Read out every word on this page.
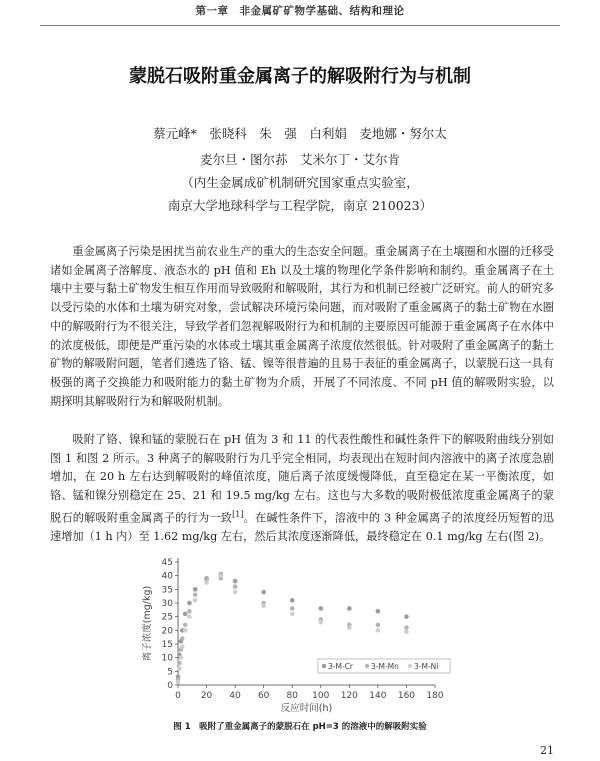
第一章　非金属矿矿物学基础、结构和理论
蒙脱石吸附重金属离子的解吸附行为与机制
蔡元峰*　张晓科　朱　强　白利娟　麦地娜・努尔太
麦尔旦・图尔荪　艾米尔丁・艾尔肯
（内生金属成矿机制研究国家重点实验室，
南京大学地球科学与工程学院，南京 210023）

重金属离子污染是困扰当前农业生产的重大的生态安全问题。重金属离子在土壤圈和水圈的迁移受诸如金属离子溶解度、液态水的 pH 值和 Eh 以及土壤的物理化学条件影响和制约。重金属离子在土壤中主要与黏土矿物发生相互作用而导致吸附和解吸附，其行为和机制已经被广泛研究。前人的研究多以受污染的水体和土壤为研究对象，尝试解决环境污染问题，而对吸附了重金属离子的黏土矿物在水圈中的解吸附行为不很关注，导致学者们忽视解吸附行为和机制的主要原因可能源于重金属离子在水体中的浓度极低，即便是严重污染的水体或土壤其重金属离子浓度依然很低。针对吸附了重金属离子的黏土矿物的解吸附问题，笔者们遴选了铬、锰、镍等很普遍的且易于表征的重金属离子，以蒙脱石这一具有极强的离子交换能力和吸附能力的黏土矿物为介质，开展了不同浓度、不同 pH 值的解吸附实验，以期探明其解吸附行为和解吸附机制。

吸附了铬、镍和锰的蒙脱石在 pH 值为 3 和 11 的代表性酸性和碱性条件下的解吸附曲线分别如图 1 和图 2 所示。3 种离子的解吸附行为几乎完全相同，均表现出在短时间内溶液中的离子浓度急剧增加，在 20 h 左右达到解吸附的峰值浓度，随后离子浓度缓慢降低，直至稳定在某一平衡浓度，如铬、锰和镍分别稳定在 25、21 和 19.5 mg/kg 左右。这也与大多数的吸附极低浓度重金属离子的蒙脱石的解吸附重金属离子的行为一致[1]。在碱性条件下，溶液中的 3 种金属离子的浓度经历短暂的迅速增加（1 h 内）至 1.62 mg/kg 左右，然后其浓度逐渐降低，最终稳定在 0.1 mg/kg 左右(图 2)。

0
5
10
15
20
25
30
35
40
45
0 20 40 60 80 100 120 140 160 180
反应时间(h)
离子浓度(mg/kg)
3-M-Cr 3-M-Mn 3-M-Ni
图 1　吸附了重金属离子的蒙脱石在 pH=3 的溶液中的解吸附实验
21
